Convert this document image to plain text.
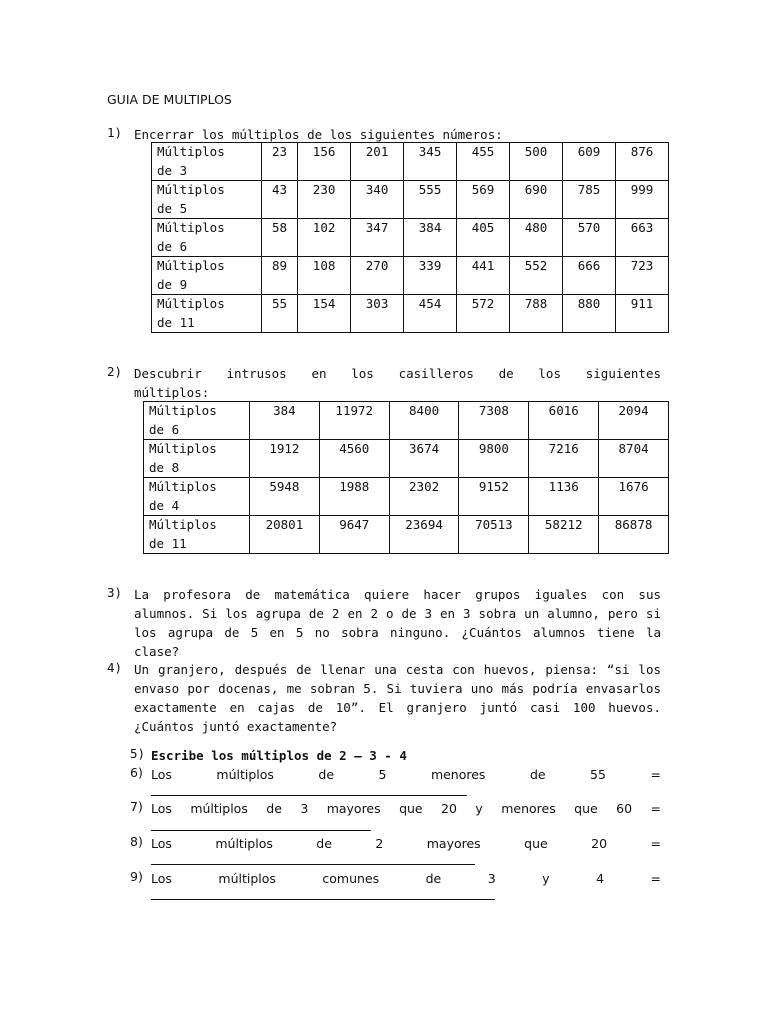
GUIA DE MULTIPLOS
1) Encerrar los múltiplos de los siguientes números:
Múltiplos
de 3	23	156	201	345	455	500	609	876

Múltiplos
de 5	43	230	340	555	569	690	785	999

Múltiplos
de 6	58	102	347	384	405	480	570	663

Múltiplos
de 9	89	108	270	339	441	552	666	723

Múltiplos
de 11	55	154	303	454	572	788	880	911
2) Descubrir intrusos en los casilleros de los siguientes
múltiplos:
Múltiplos
de 6	384	11972	8400	7308	6016	2094

Múltiplos
de 8	1912	4560	3674	9800	7216	8704

Múltiplos
de 4	5948	1988	2302	9152	1136	1676

Múltiplos
de 11	20801	9647	23694	70513	58212	86878
3) La profesora de matemática quiere hacer grupos iguales con sus alumnos. Si los agrupa de 2 en 2 o de 3 en 3 sobra un alumno, pero si los agrupa de 5 en 5 no sobra ninguno. ¿Cuántos alumnos tiene la clase?
4) Un granjero, después de llenar una cesta con huevos, piensa: “si los envaso por docenas, me sobran 5. Si tuviera uno más podría envasarlos exactamente en cajas de 10”. El granjero juntó casi 100 huevos. ¿Cuántos juntó exactamente?
5) Escribe los múltiplos de 2 – 3 - 4
6) Los	múltiplos	de	5	menores	de	55	=
7) Los múltiplos de 3 mayores que 20 y menores que 60 =
8) Los	múltiplos	de	2	mayores	que	20	=
9) Los	múltiplos	comunes	de	3	y	4	=
